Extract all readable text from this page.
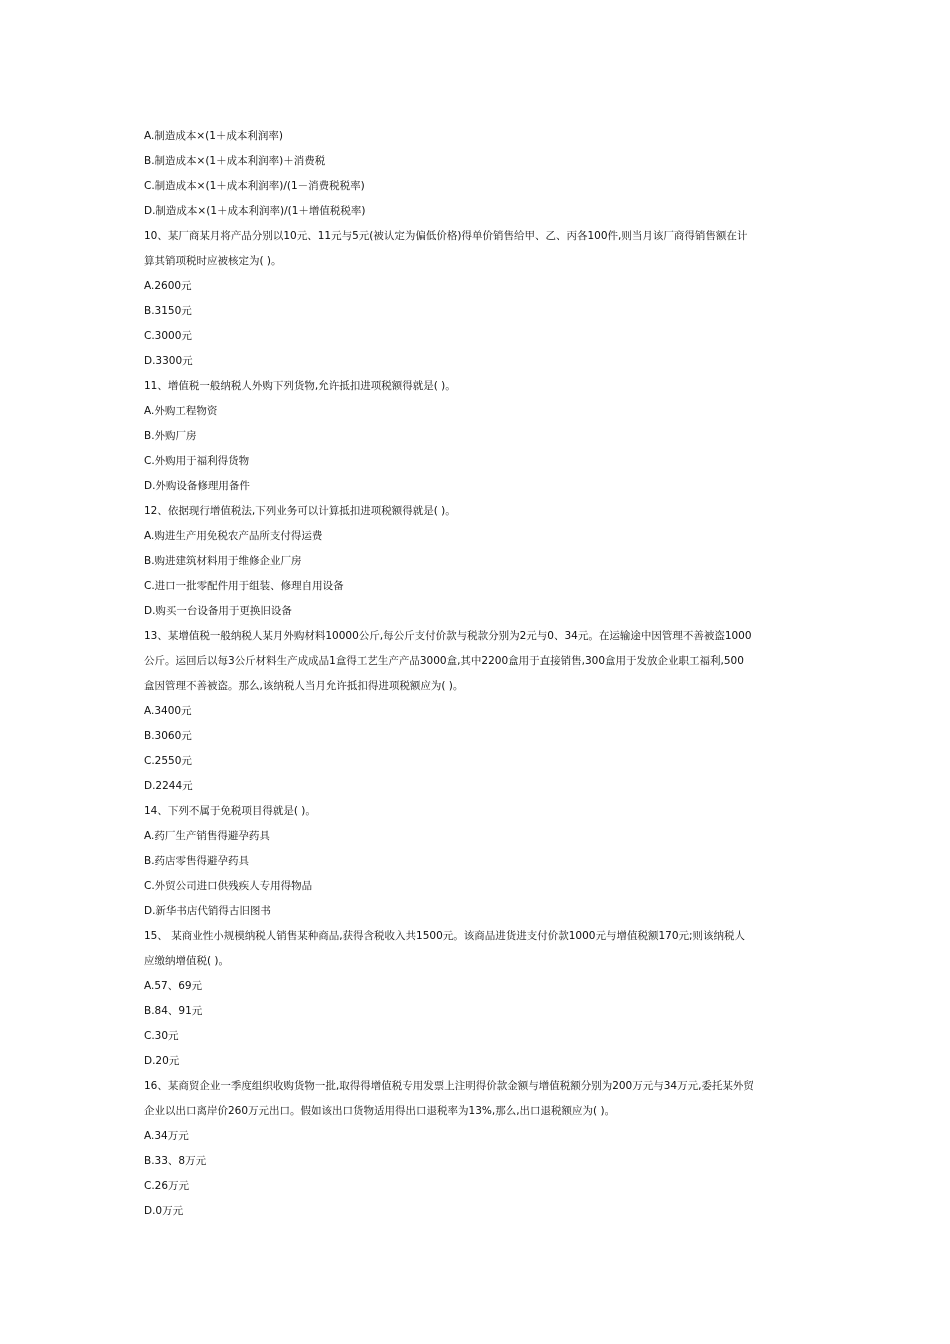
A.制造成本×(1＋成本利润率)
B.制造成本×(1＋成本利润率)＋消费税
C.制造成本×(1＋成本利润率)/(1－消费税税率)
D.制造成本×(1＋成本利润率)/(1＋增值税税率)
10、某厂商某月将产品分别以10元、11元与5元(被认定为偏低价格)得单价销售给甲、乙、丙各100件,则当月该厂商得销售额在计
算其销项税时应被核定为( )。
A.2600元
B.3150元
C.3000元
D.3300元
11、增值税一般纳税人外购下列货物,允许抵扣进项税额得就是( )。
A.外购工程物资
B.外购厂房
C.外购用于福利得货物
D.外购设备修理用备件
12、依据现行增值税法,下列业务可以计算抵扣进项税额得就是( )。
A.购进生产用免税农产品所支付得运费
B.购进建筑材料用于维修企业厂房
C.进口一批零配件用于组装、修理自用设备
D.购买一台设备用于更换旧设备
13、某增值税一般纳税人某月外购材料10000公斤,每公斤支付价款与税款分别为2元与0、34元。在运输途中因管理不善被盗1000
公斤。运回后以每3公斤材料生产成成品1盒得工艺生产产品3000盒,其中2200盒用于直接销售,300盒用于发放企业职工福利,500
盒因管理不善被盗。那么,该纳税人当月允许抵扣得进项税额应为( )。
A.3400元
B.3060元
C.2550元
D.2244元
14、下列不属于免税项目得就是( )。
A.药厂生产销售得避孕药具
B.药店零售得避孕药具
C.外贸公司进口供残疾人专用得物品
D.新华书店代销得古旧图书
15、 某商业性小规模纳税人销售某种商品,获得含税收入共1500元。该商品进货进支付价款1000元与增值税额170元;则该纳税人
应缴纳增值税( )。
A.57、69元
B.84、91元
C.30元
D.20元
16、某商贸企业一季度组织收购货物一批,取得得增值税专用发票上注明得价款金额与增值税额分别为200万元与34万元,委托某外贸
企业以出口离岸价260万元出口。假如该出口货物适用得出口退税率为13%,那么,出口退税额应为( )。
A.34万元
B.33、8万元
C.26万元
D.0万元
